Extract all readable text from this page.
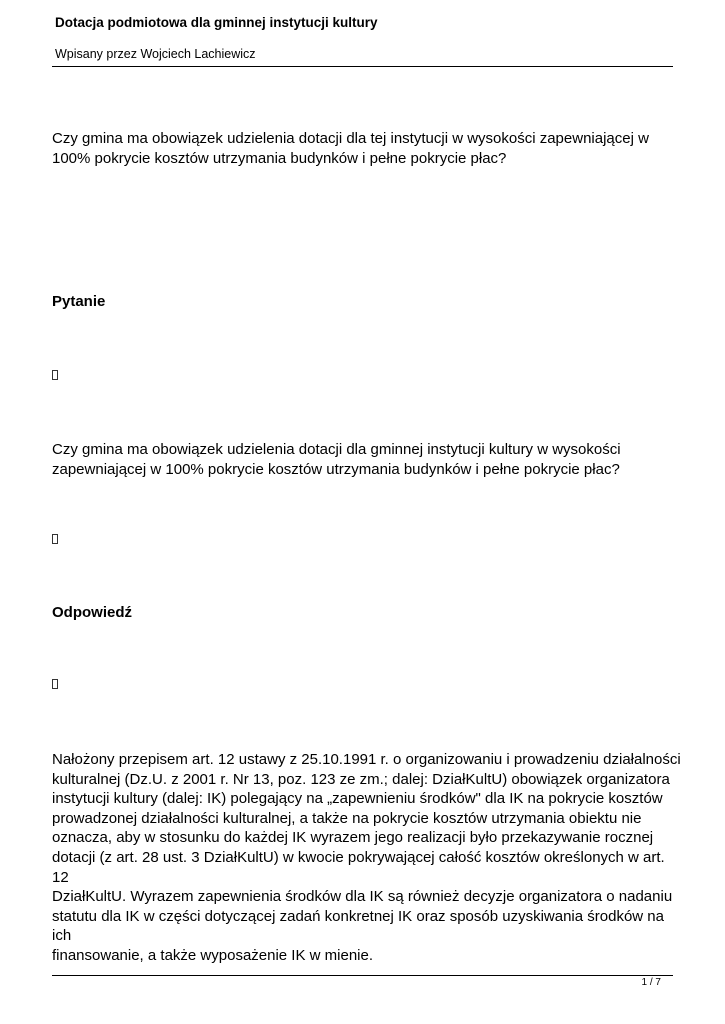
Dotacja podmiotowa dla gminnej instytucji kultury
Wpisany przez Wojciech Lachiewicz
Czy gmina ma obowiązek udzielenia dotacji dla tej instytucji w wysokości zapewniającej w
100% pokrycie kosztów utrzymania budynków i pełne pokrycie płac?
Pytanie
Czy gmina ma obowiązek udzielenia dotacji dla gminnej instytucji kultury w wysokości
zapewniającej w 100% pokrycie kosztów utrzymania budynków i pełne pokrycie płac?
Odpowiedź
Nałożony przepisem art. 12 ustawy z 25.10.1991 r. o organizowaniu i prowadzeniu działalności
kulturalnej (Dz.U. z 2001 r. Nr 13, poz. 123 ze zm.; dalej: DziałKultU) obowiązek organizatora
instytucji kultury (dalej: IK) polegający na „zapewnieniu środków" dla IK na pokrycie kosztów
prowadzonej działalności kulturalnej, a także na pokrycie kosztów utrzymania obiektu nie
oznacza, aby w stosunku do każdej IK wyrazem jego realizacji było przekazywanie rocznej
dotacji (z art. 28 ust. 3 DziałKultU) w kwocie pokrywającej całość kosztów określonych w art. 12
DziałKultU. Wyrazem zapewnienia środków dla IK są również decyzje organizatora o nadaniu
statutu dla IK w części dotyczącej zadań konkretnej IK oraz sposób uzyskiwania środków na ich
finansowanie, a także wyposażenie IK w mienie.
1 / 7
